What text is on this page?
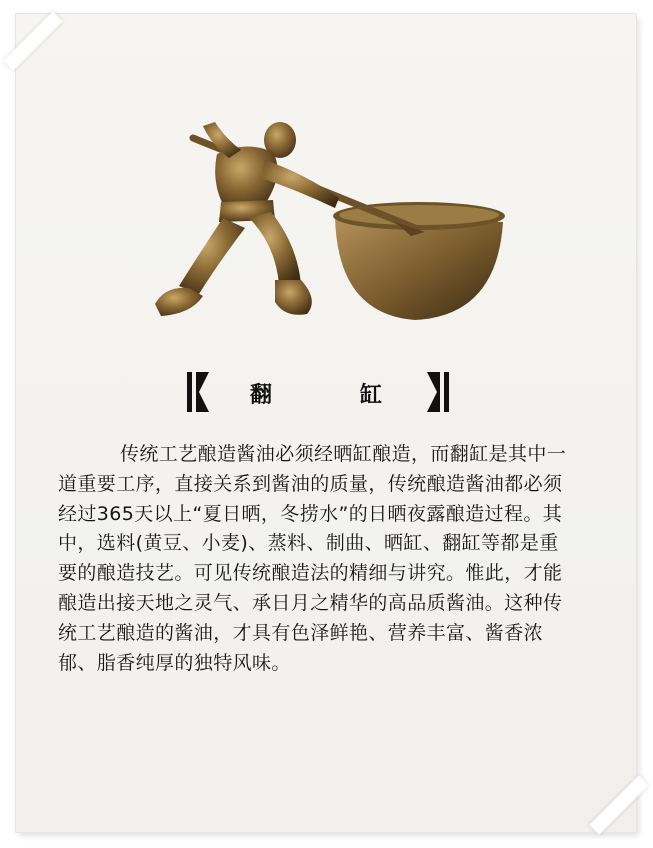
翻	缸

传统工艺酿造酱油必须经晒缸酿造，而翻缸是其中一道重要工序，直接关系到酱油的质量，传统酿造酱油都必须经过365天以上“夏日晒，冬捞水”的日晒夜露酿造过程。其中，选料(黄豆、小麦)、蒸料、制曲、晒缸、翻缸等都是重要的酿造技艺。可见传统酿造法的精细与讲究。惟此，才能酿造出接天地之灵气、承日月之精华的高品质酱油。这种传统工艺酿造的酱油，才具有色泽鲜艳、营养丰富、酱香浓郁、脂香纯厚的独特风味。
